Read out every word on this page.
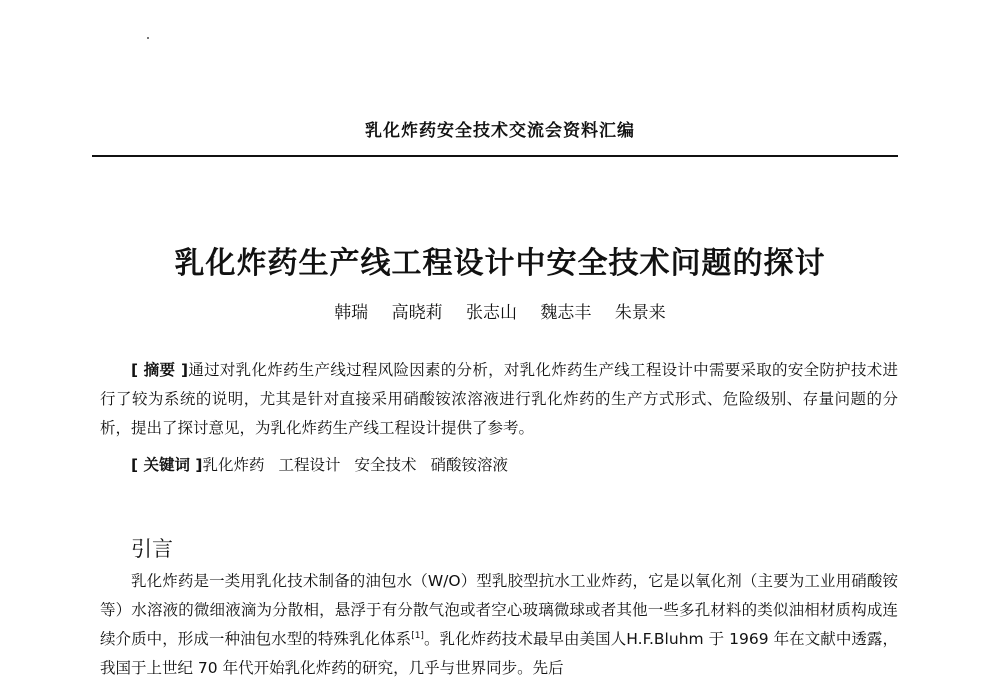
乳化炸药安全技术交流会资料汇编
乳化炸药生产线工程设计中安全技术问题的探讨
韩瑞 高晓莉 张志山 魏志丰 朱景来
[ 摘要 ]通过对乳化炸药生产线过程风险因素的分析，对乳化炸药生产线工程设计中需要采取的安全防护技术进行了较为系统的说明，尤其是针对直接采用硝酸铵浓溶液进行乳化炸药的生产方式形式、危险级别、存量问题的分析，提出了探讨意见，为乳化炸药生产线工程设计提供了参考。
[ 关键词 ]乳化炸药 工程设计 安全技术 硝酸铵溶液
引言
乳化炸药是一类用乳化技术制备的油包水（W/O）型乳胶型抗水工业炸药，它是以氧化剂（主要为工业用硝酸铵等）水溶液的微细液滴为分散相，悬浮于有分散气泡或者空心玻璃微球或者其他一些多孔材料的类似油相材质构成连续介质中，形成一种油包水型的特殊乳化体系[1]。乳化炸药技术最早由美国人H.F.Bluhm 于 1969 年在文献中透露，我国于上世纪 70 年代开始乳化炸药的研究，几乎与世界同步。先后
